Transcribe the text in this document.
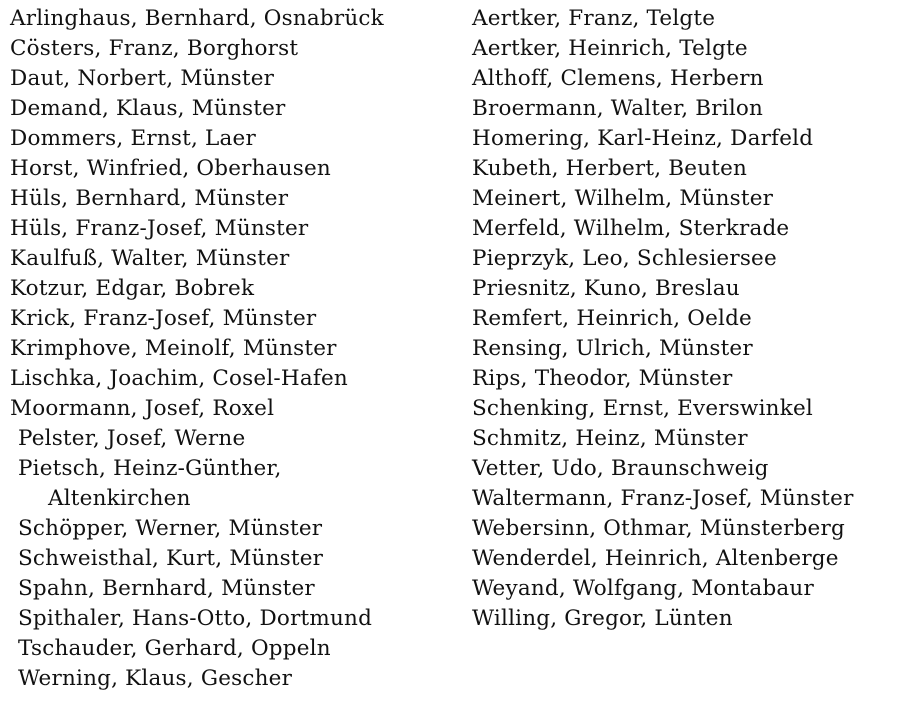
Arlinghaus, Bernhard, Osnabrück
Cösters, Franz, Borghorst
Daut, Norbert, Münster
Demand, Klaus, Münster
Dommers, Ernst, Laer
Horst, Winfried, Oberhausen
Hüls, Bernhard, Münster
Hüls, Franz-Josef, Münster
Kaulfuß, Walter, Münster
Kotzur, Edgar, Bobrek
Krick, Franz-Josef, Münster
Krimphove, Meinolf, Münster
Lischka, Joachim, Cosel-Hafen
Moormann, Josef, Roxel
Pelster, Josef, Werne
Pietsch, Heinz-Günther,
Altenkirchen
Schöpper, Werner, Münster
Schweisthal, Kurt, Münster
Spahn, Bernhard, Münster
Spithaler, Hans-Otto, Dortmund
Tschauder, Gerhard, Oppeln
Werning, Klaus, Gescher
Aertker, Franz, Telgte
Aertker, Heinrich, Telgte
Althoff, Clemens, Herbern
Broermann, Walter, Brilon
Homering, Karl-Heinz, Darfeld
Kubeth, Herbert, Beuten
Meinert, Wilhelm, Münster
Merfeld, Wilhelm, Sterkrade
Pieprzyk, Leo, Schlesiersee
Priesnitz, Kuno, Breslau
Remfert, Heinrich, Oelde
Rensing, Ulrich, Münster
Rips, Theodor, Münster
Schenking, Ernst, Everswinkel
Schmitz, Heinz, Münster
Vetter, Udo, Braunschweig
Waltermann, Franz-Josef, Münster
Webersinn, Othmar, Münsterberg
Wenderdel, Heinrich, Altenberge
Weyand, Wolfgang, Montabaur
Willing, Gregor, Lünten
